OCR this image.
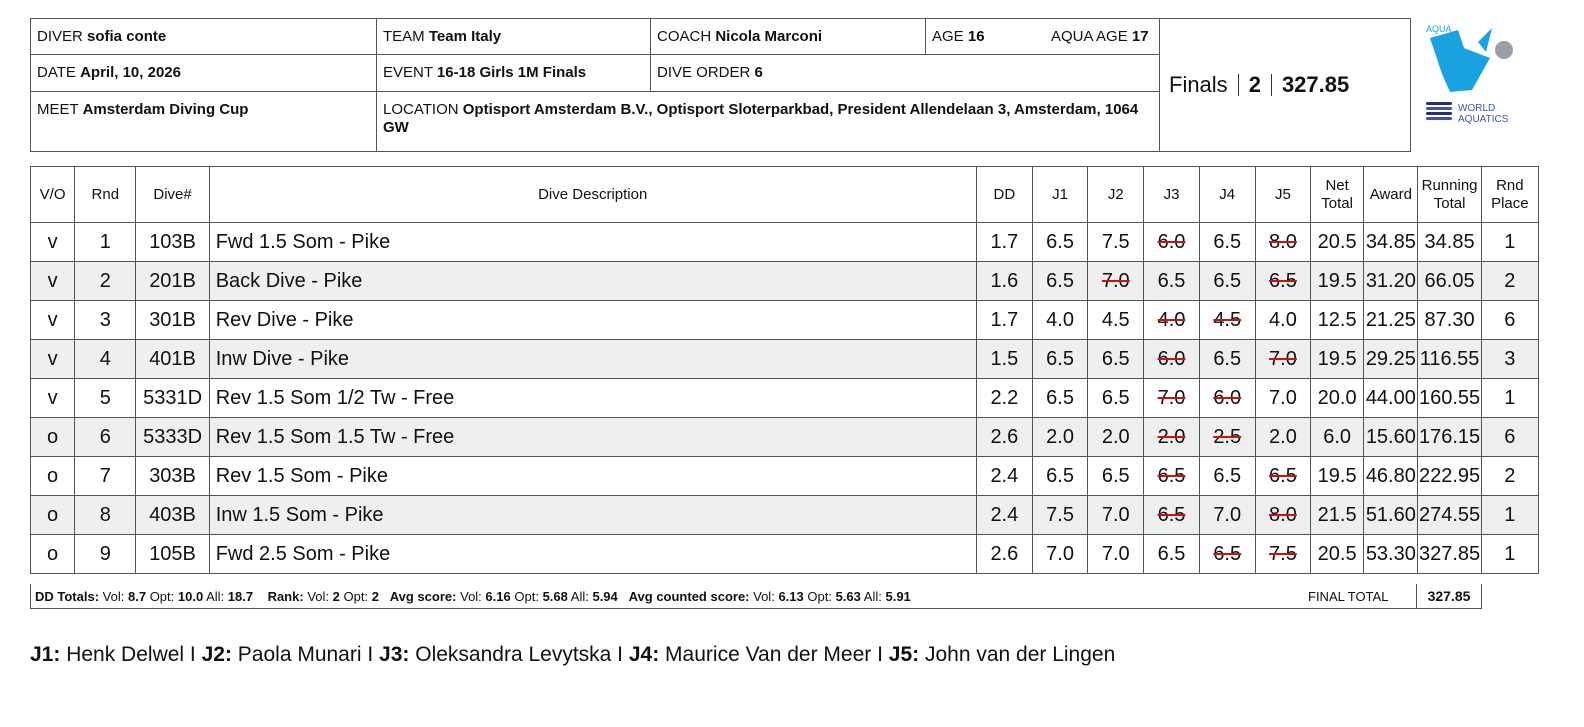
DIVER sofia conte	TEAM Team Italy	COACH Nicola Marconi	AGE 16	AQUA AGE 17
DATE April, 10, 2026	EVENT 16-18 Girls 1M Finals	DIVE ORDER 6
MEET Amsterdam Diving Cup	LOCATION Optisport Amsterdam B.V., Optisport Sloterparkbad, President Allendelaan 3, Amsterdam, 1064 GW
Finals 2 327.85
AQUA
WORLD
AQUATICS
V/O	Rnd	Dive#	Dive Description	DD	J1	J2	J3	J4	J5	Net Total	Award	Running Total	Rnd Place
v	1	103B	Fwd 1.5 Som - Pike	1.7	6.5	7.5	6.0	6.5	8.0	20.5	34.85	34.85	1
v	2	201B	Back Dive - Pike	1.6	6.5	7.0	6.5	6.5	6.5	19.5	31.20	66.05	2
v	3	301B	Rev Dive - Pike	1.7	4.0	4.5	4.0	4.5	4.0	12.5	21.25	87.30	6
v	4	401B	Inw Dive - Pike	1.5	6.5	6.5	6.0	6.5	7.0	19.5	29.25	116.55	3
v	5	5331D	Rev 1.5 Som 1/2 Tw - Free	2.2	6.5	6.5	7.0	6.0	7.0	20.0	44.00	160.55	1
o	6	5333D	Rev 1.5 Som 1.5 Tw - Free	2.6	2.0	2.0	2.0	2.5	2.0	6.0	15.60	176.15	6
o	7	303B	Rev 1.5 Som - Pike	2.4	6.5	6.5	6.5	6.5	6.5	19.5	46.80	222.95	2
o	8	403B	Inw 1.5 Som - Pike	2.4	7.5	7.0	6.5	7.0	8.0	21.5	51.60	274.55	1
o	9	105B	Fwd 2.5 Som - Pike	2.6	7.0	7.0	6.5	6.5	7.5	20.5	53.30	327.85	1
DD Totals: Vol: 8.7 Opt: 10.0 All: 18.7 Rank: Vol: 2 Opt: 2 Avg score: Vol: 6.16 Opt: 5.68 All: 5.94 Avg counted score: Vol: 6.13 Opt: 5.63 All: 5.91	FINAL TOTAL	327.85
J1: Henk Delwel I J2: Paola Munari I J3: Oleksandra Levytska I J4: Maurice Van der Meer I J5: John van der Lingen
